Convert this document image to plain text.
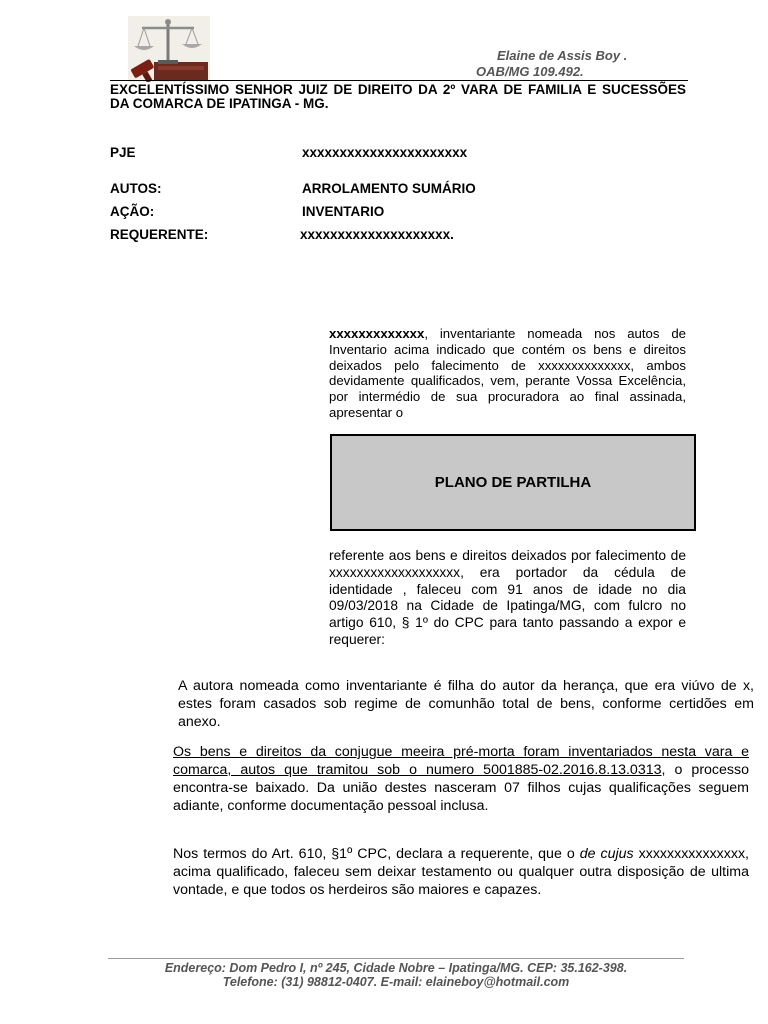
Elaine de Assis Boy .
OAB/MG 109.492.
EXCELENTÍSSIMO SENHOR JUIZ DE DIREITO DA 2º VARA DE FAMILIA E SUCESSÕES DA COMARCA DE IPATINGA - MG.
PJE	xxxxxxxxxxxxxxxxxxxxxx
AUTOS:	ARROLAMENTO SUMÁRIO
AÇÃO:	INVENTARIO
REQUERENTE:	xxxxxxxxxxxxxxxxxxxx.
xxxxxxxxxxxxx, inventariante nomeada nos autos de Inventario acima indicado que contém os bens e direitos deixados pelo falecimento de xxxxxxxxxxxxxx, ambos devidamente qualificados, vem, perante Vossa Excelência, por intermédio de sua procuradora ao final assinada, apresentar o
PLANO DE PARTILHA
referente aos bens e direitos deixados por falecimento de xxxxxxxxxxxxxxxxxxx, era portador da cédula de identidade , faleceu com 91 anos de idade no dia 09/03/2018 na Cidade de Ipatinga/MG, com fulcro no artigo 610, § 1º do CPC para tanto passando a expor e requerer:
A autora nomeada como inventariante é filha do autor da herança, que era viúvo de x, estes foram casados sob regime de comunhão total de bens, conforme certidões em anexo.
Os bens e direitos da conjugue meeira pré-morta foram inventariados nesta vara e comarca, autos que tramitou sob o numero 5001885-02.2016.8.13.0313, o processo encontra-se baixado. Da união destes nasceram 07 filhos cujas qualificações seguem adiante, conforme documentação pessoal inclusa.
Nos termos do Art. 610, §1º CPC, declara a requerente, que o de cujus xxxxxxxxxxxxxxx, acima qualificado, faleceu sem deixar testamento ou qualquer outra disposição de ultima vontade, e que todos os herdeiros são maiores e capazes.
Endereço: Dom Pedro I, nº 245, Cidade Nobre – Ipatinga/MG. CEP: 35.162-398.
Telefone: (31) 98812-0407. E-mail: elaineboy@hotmail.com
